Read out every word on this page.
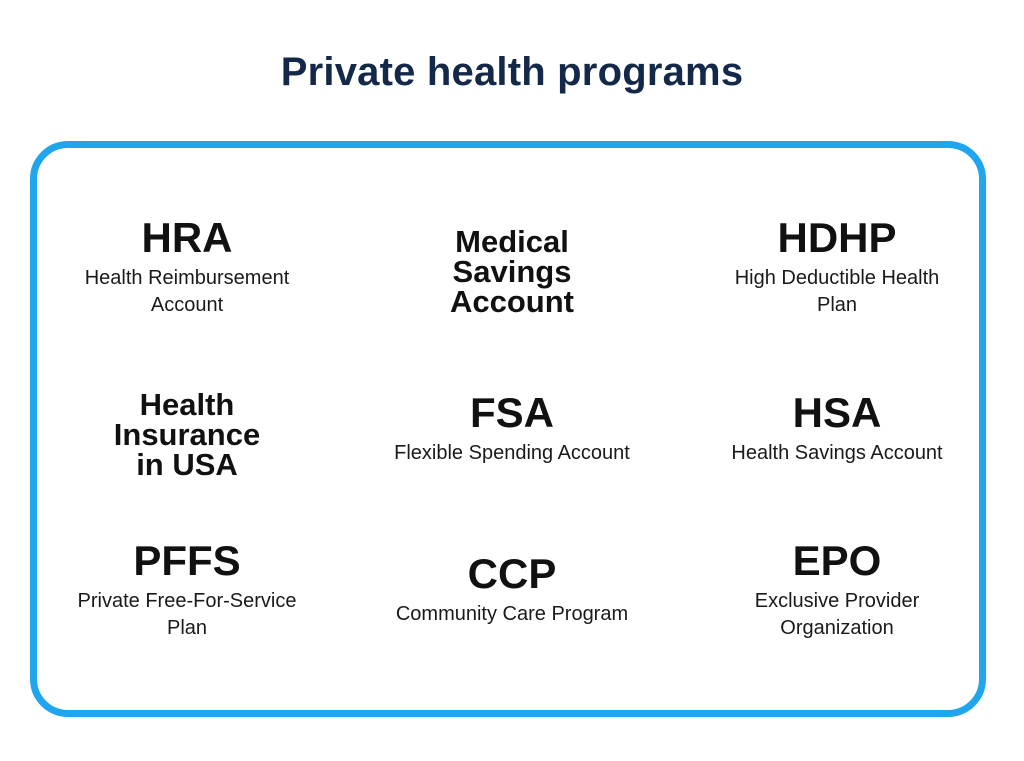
Private health programs
HRA
Health Reimbursement Account
Medical
Savings
Account
HDHP
High Deductible Health Plan
Health
Insurance
in USA
FSA
Flexible Spending Account
HSA
Health Savings Account
PFFS
Private Free-For-Service Plan
CCP
Community Care Program
EPO
Exclusive Provider Organization
